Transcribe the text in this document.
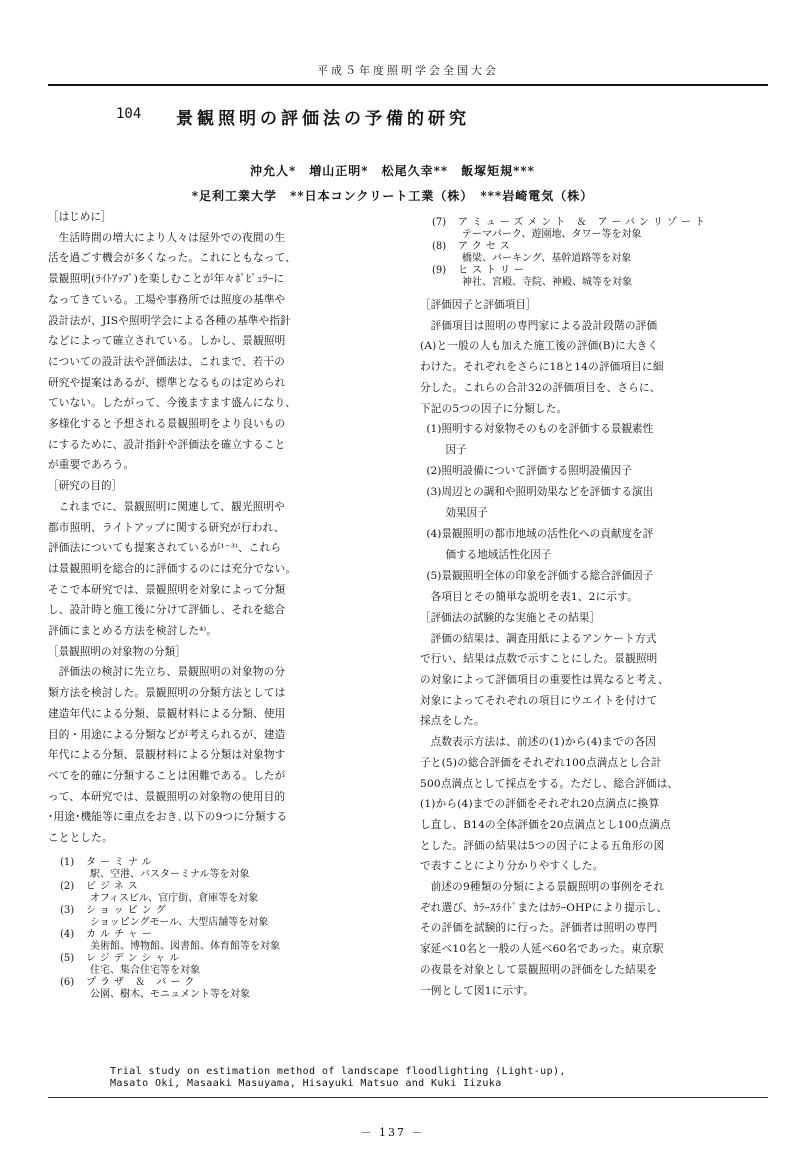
平成５年度照明学会全国大会
104 景観照明の評価法の予備的研究
沖允人*　増山正明*　松尾久幸**　飯塚矩規***
*足利工業大学　**日本コンクリート工業（株）　***岩崎電気（株）

［はじめに］

生活時間の増大により人々は屋外での夜間の生
活を過ごす機会が多くなった。これにともなって、
景観照明(ﾗｲﾄｱｯﾌﾟ)を楽しむことが年々ﾎﾟﾋﾟｭﾗｰに
なってきている。工場や事務所では照度の基準や
設計法が、JISや照明学会による各種の基準や指針
などによって確立されている。しかし、景観照明
についての設計法や評価法は、これまで、若干の
研究や提案はあるが、標準となるものは定められ
ていない。したがって、今後ますます盛んになり、
多様化すると予想される景観照明をより良いもの
にするために、設計指針や評価法を確立すること
が重要であろう。

［研究の目的］

これまでに、景観照明に関連して、観光照明や
都市照明、ライトアップに関する研究が行われ、
評価法についても提案されているが¹⁻³⁾、これら
は景観照明を総合的に評価するのには充分でない。
そこで本研究では、景観照明を対象によって分類
し、設計時と施工後に分けて評価し、それを総合
評価にまとめる方法を検討した⁴⁾。

［景観照明の対象物の分類］

評価法の検討に先立ち、景観照明の対象物の分
類方法を検討した。景観照明の分類方法としては
建造年代による分類、景観材料による分類、使用
目的・用途による分類などが考えられるが、建造
年代による分類、景観材料による分類は対象物す
べてを的確に分類することは困難である。したが
って、本研究では、景観照明の対象物の使用目的
･用途･機能等に重点をおき､以下の9つに分類する
こととした。

(1) ターミナル
駅、空港、バスターミナル等を対象
(2) ビジネス
オフィスビル、官庁街、倉庫等を対象
(3) ショッピング
ショッピングモール、大型店舗等を対象
(4) カルチャー
美術館、博物館、図書館、体育館等を対象
(5) レジデンシャル
住宅、集合住宅等を対象
(6) プラザ ＆ パーク
公園、樹木、モニュメント等を対象
(7) アミューズメント ＆ アーバンリゾート
テーマパーク、遊園地、タワー等を対象
(8) アクセス
橋梁、パーキング、基幹道路等を対象
(9) ヒストリー
神社、宮殿、寺院、神殿、城等を対象

［評価因子と評価項目］

評価項目は照明の専門家による設計段階の評価
(A)と一般の人も加えた施工後の評価(B)に大きく
わけた。それぞれをさらに18と14の評価項目に細
分した。これらの合計32の評価項目を、さらに、
下記の5つの因子に分類した。

(1)照明する対象物そのものを評価する景観素性
因子

(2)照明設備について評価する照明設備因子

(3)周辺との調和や照明効果などを評価する演出
効果因子

(4)景観照明の都市地域の活性化への貢献度を評
価する地域活性化因子

(5)景観照明全体の印象を評価する総合評価因子

各項目とその簡単な説明を表1、2に示す。

［評価法の試験的な実施とその結果］

評価の結果は、調査用紙によるアンケート方式
で行い、結果は点数で示すことにした。景観照明
の対象によって評価項目の重要性は異なると考え、
対象によってそれぞれの項目にウエイトを付けて
採点をした。

点数表示方法は、前述の(1)から(4)までの各因
子と(5)の総合評価をそれぞれ100点満点とし合計
500点満点として採点をする。ただし、総合評価は、
(1)から(4)までの評価をそれぞれ20点満点に換算
し直し、B14の全体評価を20点満点とし100点満点
とした。評価の結果は5つの因子による五角形の図
で表すことにより分かりやすくした。

前述の9種類の分類による景観照明の事例をそれ
ぞれ選び、ｶﾗｰｽﾗｲﾄﾞまたはｶﾗｰOHPにより提示し、
その評価を試験的に行った。評価者は照明の専門
家延べ10名と一般の人延べ60名であった。東京駅
の夜景を対象として景観照明の評価をした結果を
一例として図1に示す。

Trial study on estimation method of landscape floodlighting (Light-up),
Masato Oki, Masaaki Masuyama, Hisayuki Matsuo and Kuki Iizuka
－ 137 －
